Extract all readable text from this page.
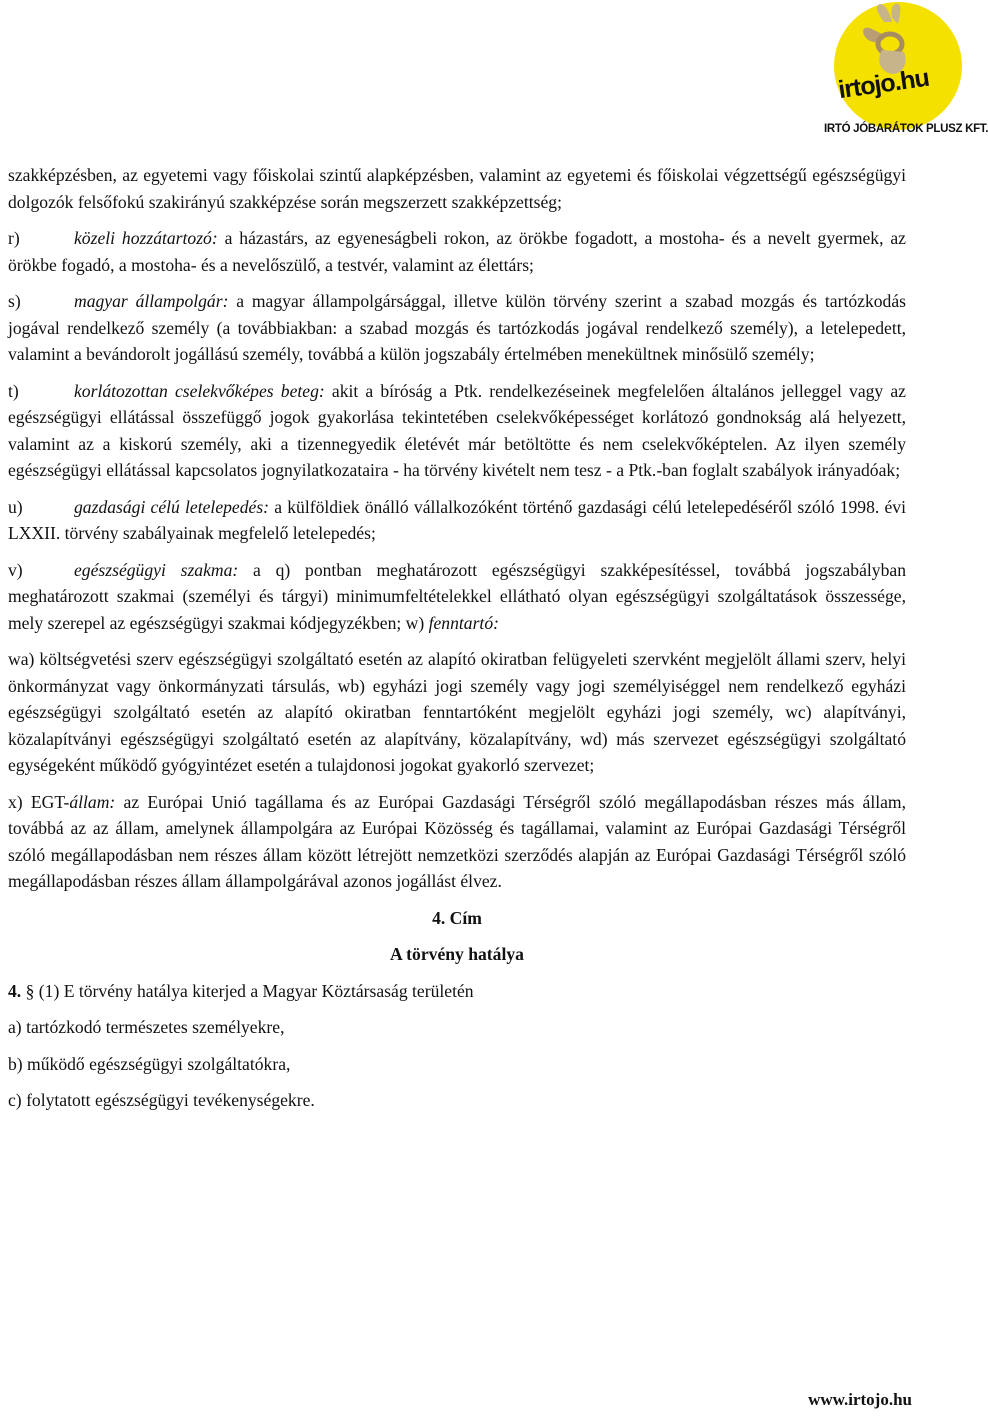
irtojo.hu
IRTÓ JÓBARÁTOK PLUSZ KFT.

szakképzésben, az egyetemi vagy főiskolai szintű alapképzésben, valamint az egyetemi és főiskolai végzettségű egészségügyi dolgozók felsőfokú szakirányú szakképzése során megszerzett szakképzettség;

r)	közeli hozzátartozó: a házastárs, az egyeneságbeli rokon, az örökbe fogadott, a mostoha- és a nevelt gyermek, az örökbe fogadó, a mostoha- és a nevelőszülő, a testvér, valamint az élettárs;

s)	magyar állampolgár: a magyar állampolgársággal, illetve külön törvény szerint a szabad mozgás és tartózkodás jogával rendelkező személy (a továbbiakban: a szabad mozgás és tartózkodás jogával rendelkező személy), a letelepedett, valamint a bevándorolt jogállású személy, továbbá a külön jogszabály értelmében menekültnek minősülő személy;

t)	korlátozottan cselekvőképes beteg: akit a bíróság a Ptk. rendelkezéseinek megfelelően általános jelleggel vagy az egészségügyi ellátással összefüggő jogok gyakorlása tekintetében cselekvőképességet korlátozó gondnokság alá helyezett, valamint az a kiskorú személy, aki a tizennegyedik életévét már betöltötte és nem cselekvőképtelen. Az ilyen személy egészségügyi ellátással kapcsolatos jognyilatkozataira - ha törvény kivételt nem tesz - a Ptk.-ban foglalt szabályok irányadóak;

u)	gazdasági célú letelepedés: a külföldiek önálló vállalkozóként történő gazdasági célú letelepedéséről szóló 1998. évi LXXII. törvény szabályainak megfelelő letelepedés;

v)	egészségügyi szakma: a q) pontban meghatározott egészségügyi szakképesítéssel, továbbá jogszabályban meghatározott szakmai (személyi és tárgyi) minimumfeltételekkel ellátható olyan egészségügyi szolgáltatások összessége, mely szerepel az egészségügyi szakmai kódjegyzékben; w) fenntartó:

wa) költségvetési szerv egészségügyi szolgáltató esetén az alapító okiratban felügyeleti szervként megjelölt állami szerv, helyi önkormányzat vagy önkormányzati társulás, wb) egyházi jogi személy vagy jogi személyiséggel nem rendelkező egyházi egészségügyi szolgáltató esetén az alapító okiratban fenntartóként megjelölt egyházi jogi személy, wc) alapítványi, közalapítványi egészségügyi szolgáltató esetén az alapítvány, közalapítvány, wd) más szervezet egészségügyi szolgáltató egységeként működő gyógyintézet esetén a tulajdonosi jogokat gyakorló szervezet;

x) EGT-állam: az Európai Unió tagállama és az Európai Gazdasági Térségről szóló megállapodásban részes más állam, továbbá az az állam, amelynek állampolgára az Európai Közösség és tagállamai, valamint az Európai Gazdasági Térségről szóló megállapodásban nem részes állam között létrejött nemzetközi szerződés alapján az Európai Gazdasági Térségről szóló megállapodásban részes állam állampolgárával azonos jogállást élvez.

4. Cím
A törvény hatálya

4. § (1) E törvény hatálya kiterjed a Magyar Köztársaság területén

a) tartózkodó természetes személyekre,

b) működő egészségügyi szolgáltatókra,

c) folytatott egészségügyi tevékenységekre.

www.irtojo.hu
